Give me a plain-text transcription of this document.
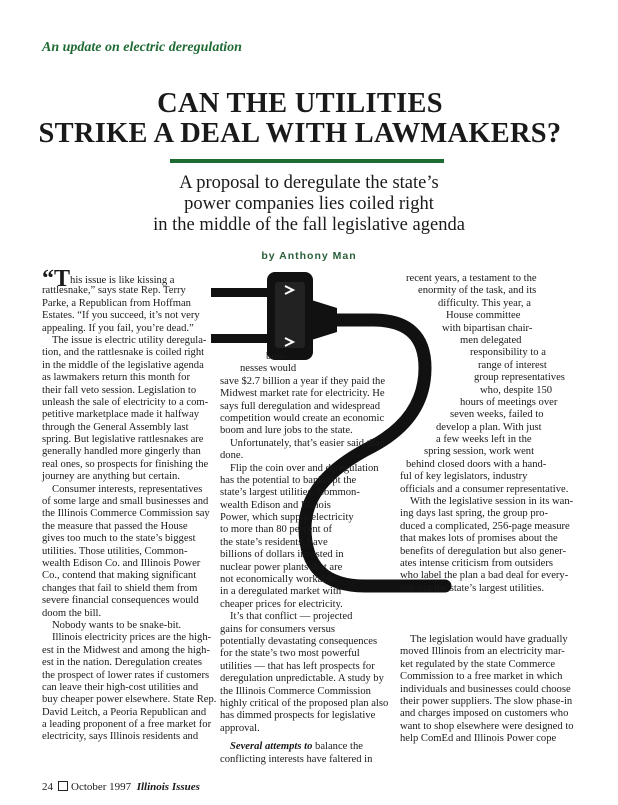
An update on electric deregulation
CAN THE UTILITIES
STRIKE A DEAL WITH LAWMAKERS?
A proposal to deregulate the state’s
power companies lies coiled right
in the middle of the fall legislative agenda
by Anthony Man
“This issue is like kissing a
rattlesnake,” says state Rep. Terry
Parke, a Republican from Hoffman
Estates. “If you succeed, it’s not very
appealing. If you fail, you’re dead.”
The issue is electric utility deregula-
tion, and the rattlesnake is coiled right
in the middle of the legislative agenda
as lawmakers return this month for
their fall veto session. Legislation to
unleash the sale of electricity to a com-
petitive marketplace made it halfway
through the General Assembly last
spring. But legislative rattlesnakes are
generally handled more gingerly than
real ones, so prospects for finishing the
journey are anything but certain.
Consumer interests, representatives
of some large and small businesses and
the Illinois Commerce Commission say
the measure that passed the House
gives too much to the state’s biggest
utilities. Those utilities, Common-
wealth Edison Co. and Illinois Power
Co., contend that making significant
changes that fail to shield them from
severe financial consequences would
doom the bill.
Nobody wants to be snake-bit.
Illinois electricity prices are the high-
est in the Midwest and among the high-
est in the nation. Deregulation creates
the prospect of lower rates if customers
can leave their high-cost utilities and
buy cheaper power elsewhere. State Rep.
David Leitch, a Peoria Republican and
a leading proponent of a free market for
electricity, says Illinois residents and
busi-
nesses would
save $2.7 billion a year if they paid the
Midwest market rate for electricity. He
says full deregulation and widespread
competition would create an economic
boom and lure jobs to the state.
Unfortunately, that’s easier said than
done.
Flip the coin over and deregulation
has the potential to bankrupt the
state’s largest utilities. Common-
wealth Edison and Illinois
Power, which supply electricity
to more than 80 percent of
the state’s residents, have
billions of dollars invested in
nuclear power plants that are
not economically workable
in a deregulated market with
cheaper prices for electricity.
It’s that conflict — projected
gains for consumers versus
potentially devastating consequences
for the state’s two most powerful
utilities — that has left prospects for
deregulation unpredictable. A study by
the Illinois Commerce Commission
highly critical of the proposed plan also
has dimmed prospects for legislative
approval.
Several attempts to balance the
conflicting interests have faltered in
recent years, a testament to the
enormity of the task, and its
difficulty. This year, a
House committee
with bipartisan chair-
men delegated
responsibility to a
range of interest
group representatives
who, despite 150
hours of meetings over
seven weeks, failed to
develop a plan. With just
a few weeks left in the
spring session, work went
behind closed doors with a hand-
ful of key legislators, industry
officials and a consumer representative.
With the legislative session in its wan-
ing days last spring, the group pro-
duced a complicated, 256-page measure
that makes lots of promises about the
benefits of deregulation but also gener-
ates intense criticism from outsiders
who label the plan a bad deal for every-
one but the state’s largest utilities.
The legislation would have gradually
moved Illinois from an electricity mar-
ket regulated by the state Commerce
Commission to a free market in which
individuals and businesses could choose
their power suppliers. The slow phase-in
and charges imposed on customers who
want to shop elsewhere were designed to
help ComEd and Illinois Power cope
24 October 1997 Illinois Issues
